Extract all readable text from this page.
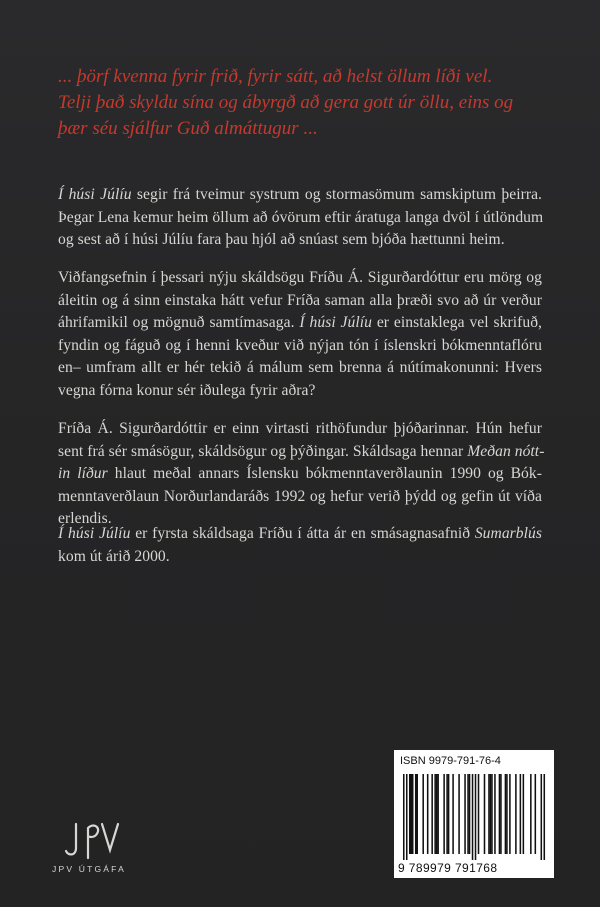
... þörf kvenna fyrir frið, fyrir sátt, að helst öllum líði vel.
Telji það skyldu sína og ábyrgð að gera gott úr öllu, eins og
þær séu sjálfur Guð almáttugur ...
Í húsi Júlíu segir frá tveimur systrum og stormasömum samskiptum þeirra.
Þegar Lena kemur heim öllum að óvörum eftir áratuga langa dvöl í útlöndum
og sest að í húsi Júlíu fara þau hjól að snúast sem bjóða hættunni heim.
Viðfangsefnin í þessari nýju skáldsögu Fríðu Á. Sigurðardóttur eru mörg og
áleitin og á sinn einstaka hátt vefur Fríða saman alla þræði svo að úr verður
áhrifamikil og mögnuð samtímasaga. Í húsi Júlíu er einstaklega vel skrifuð,
fyndin og fáguð og í henni kveður við nýjan tón í íslenskri bókmenntaflóru
en– umfram allt er hér tekið á málum sem brenna á nútímakonunni: Hvers
vegna fórna konur sér iðulega fyrir aðra?
Fríða Á. Sigurðardóttir er einn virtasti rithöfundur þjóðarinnar. Hún hefur
sent frá sér smásögur, skáldsögur og þýðingar. Skáldsaga hennar Meðan nótt-
in líður hlaut meðal annars Íslensku bókmenntaverðlaunin 1990 og Bók-
menntaverðlaun Norðurlandaráðs 1992 og hefur verið þýdd og gefin út víða
erlendis.
Í húsi Júlíu er fyrsta skáldsaga Fríðu í átta ár en smásagnasafnið Sumarblús
kom út árið 2000.
JPV ÚTGÁFA
ISBN 9979-791-76-4
9 789979 791768
